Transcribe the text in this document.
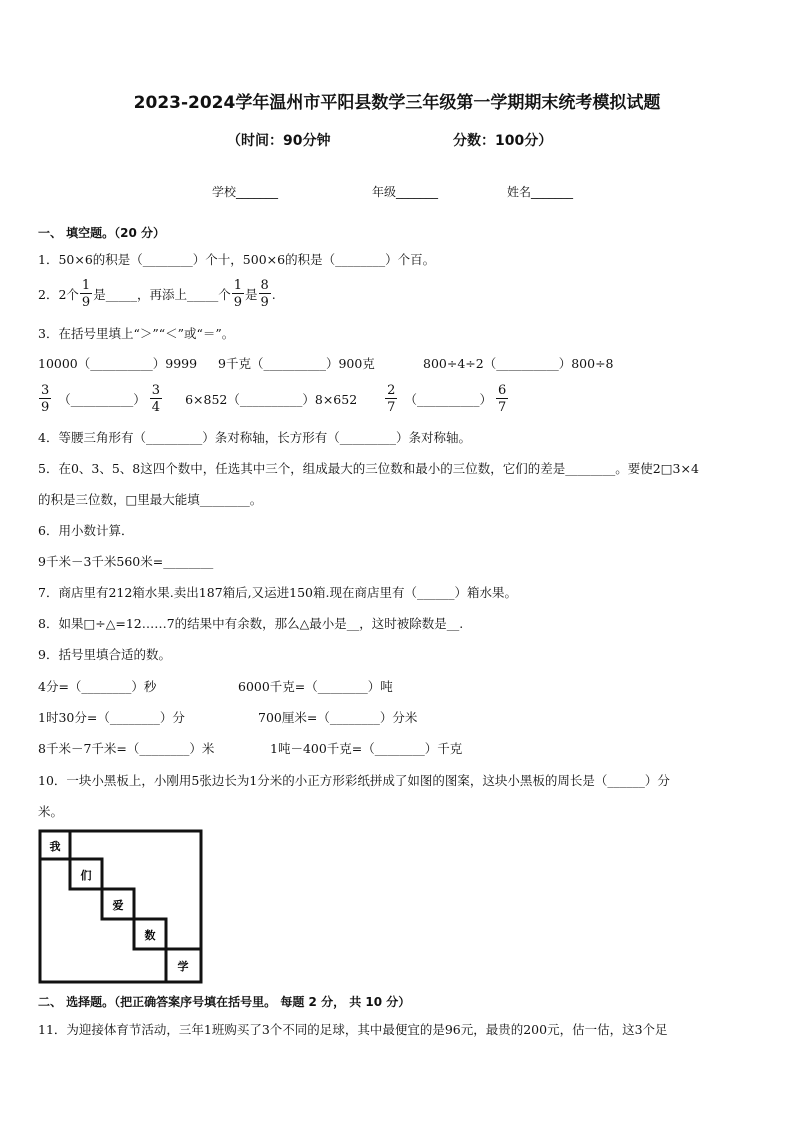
2023-2024学年温州市平阳县数学三年级第一学期期末统考模拟试题
（时间：90分钟	分数：100分）
学校_______	年级_______	姓名_______
一、 填空题。（20 分）
1．50×6的积是（________）个十，500×6的积是（________）个百。
2．2个 $\frac{1}{9}$ 是_____，再添上_____个 $\frac{1}{9}$ 是 $\frac{8}{9}$ .
3．在括号里填上“＞”“＜”或“＝”。
10000（__________）9999 9千克（__________）900克	800÷4÷2（__________）800÷8
$\frac{3}{9}$ （__________） $\frac{3}{4}$ 6×852（__________）8×652 $\frac{2}{7}$ （__________） $\frac{6}{7}$
4．等腰三角形有（_________）条对称轴，长方形有（_________）条对称轴。
5．在0、3、5、8这四个数中，任选其中三个，组成最大的三位数和最小的三位数，它们的差是________。要使2□3×4
的积是三位数，□里最大能填________。
6．用小数计算．
9千米－3千米560米=________
7．商店里有212箱水果.卖出187箱后,又运进150箱.现在商店里有（______）箱水果。
8．如果□÷△=12……7的结果中有余数，那么△最小是__，这时被除数是__.
9．括号里填合适的数。
4分=（________）秒	6000千克=（________）吨
1时30分=（________）分	700厘米=（________）分米
8千米－7千米=（________）米	1吨－400千克=（________）千克
10．一块小黑板上，小刚用5张边长为1分米的小正方形彩纸拼成了如图的图案，这块小黑板的周长是（______）分
米。
我
们
爱
数
学
二、 选择题。（把正确答案序号填在括号里。 每题 2 分， 共 10 分）
11．为迎接体育节活动，三年1班购买了3个不同的足球，其中最便宜的是96元，最贵的200元，估一估，这3个足
